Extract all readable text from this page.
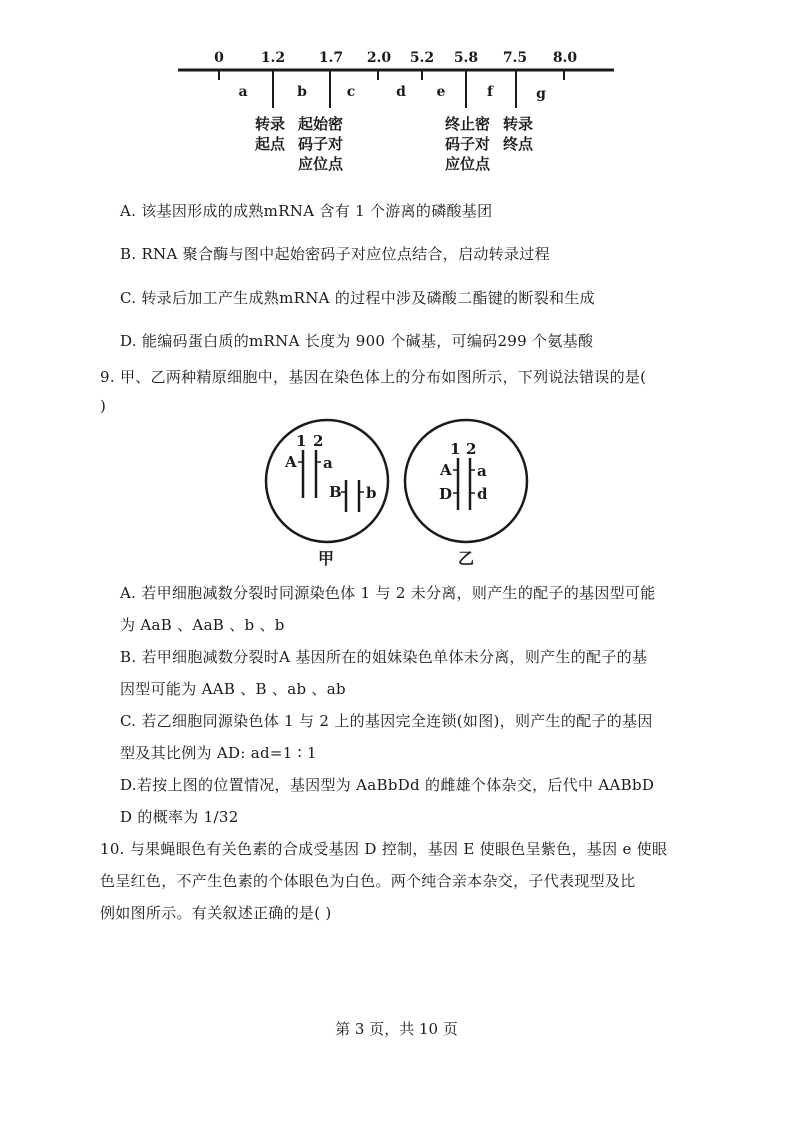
0	1.2 1.7 2.0 5.2 5.8 7.5 8.0
a	b	c	d e	f	g
转录
起点
起始密
码子对
应位点
终止密
码子对
应位点
转录
终点
A. 该基因形成的成熟mRNA 含有 1 个游离的磷酸基团
B. RNA 聚合酶与图中起始密码子对应位点结合，启动转录过程
C. 转录后加工产生成熟mRNA 的过程中涉及磷酸二酯键的断裂和生成
D. 能编码蛋白质的mRNA 长度为 900 个碱基，可编码299 个氨基酸
9. 甲、乙两种精原细胞中，基因在染色体上的分布如图所示，下列说法错误的是(
)
1 2
A a
B b
1 2
A a
D d
甲	乙
A. 若甲细胞减数分裂时同源染色体 1 与 2 未分离，则产生的配子的基因型可能
为 AaB 、AaB 、b 、b
B. 若甲细胞减数分裂时A 基因所在的姐妹染色单体未分离，则产生的配子的基
因型可能为 AAB 、B 、ab 、ab
C. 若乙细胞同源染色体 1 与 2 上的基因完全连锁(如图)，则产生的配子的基因
型及其比例为 AD: ad=1 ∶ 1
D.若按上图的位置情况，基因型为 AaBbDd 的雌雄个体杂交，后代中 AABbD
D 的概率为 1/32
10. 与果蝇眼色有关色素的合成受基因 D 控制，基因 E 使眼色呈紫色，基因 e 使眼
色呈红色，不产生色素的个体眼色为白色。两个纯合亲本杂交，子代表现型及比
例如图所示。有关叙述正确的是( )
第 3 页，共 10 页
